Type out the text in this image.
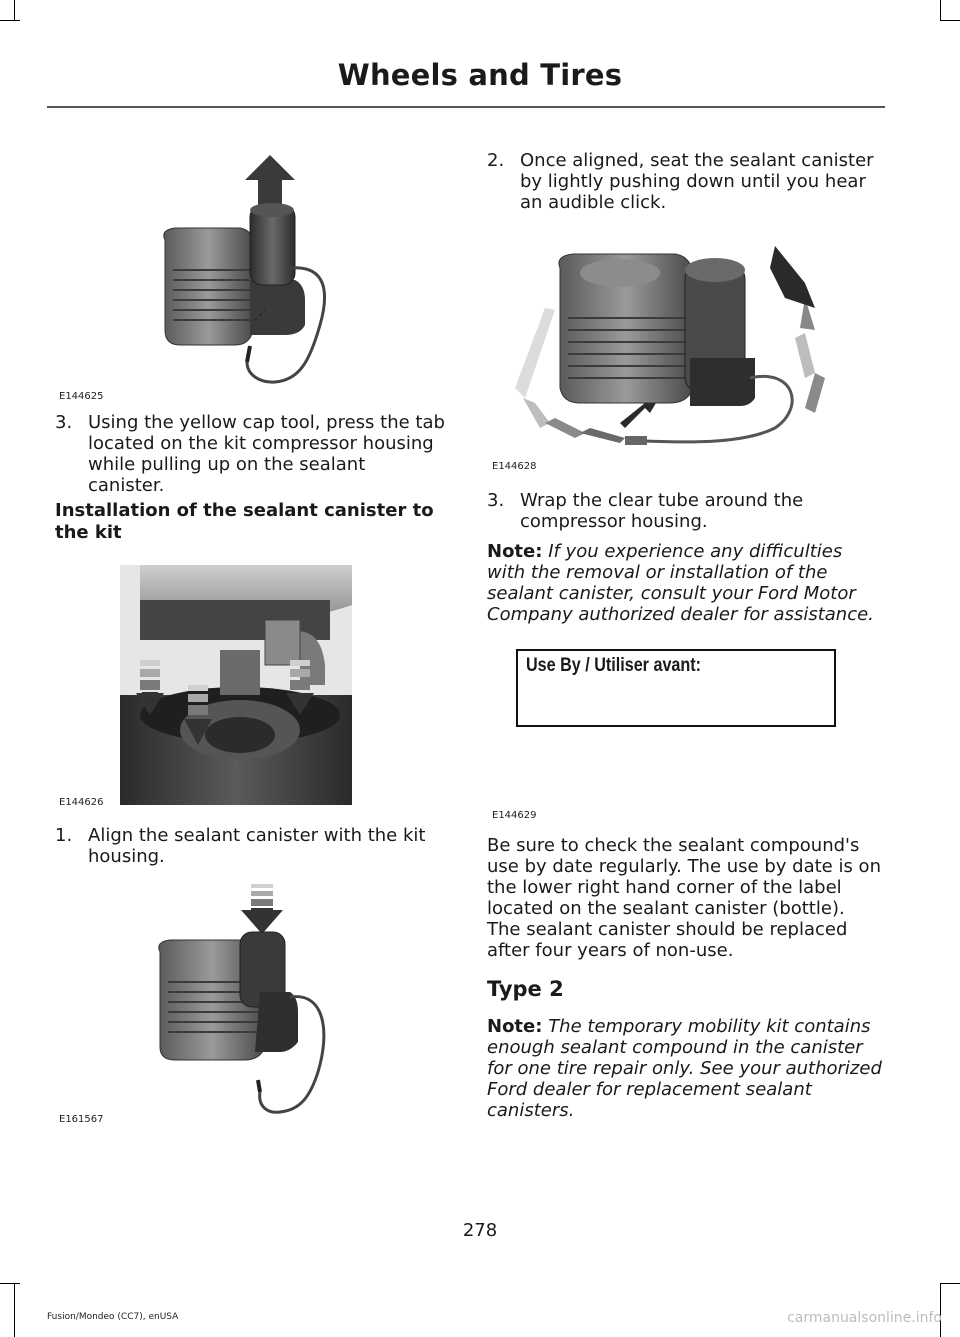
Wheels and Tires
E144625
3. Using the yellow cap tool, press the tab located on the kit compressor housing while pulling up on the sealant canister.
Installation of the sealant canister to the kit
E144626
1. Align the sealant canister with the kit housing.
E161567
2. Once aligned, seat the sealant canister by lightly pushing down until you hear an audible click.
E144628
3. Wrap the clear tube around the compressor housing.
Note: If you experience any difficulties with the removal or installation of the sealant canister, consult your Ford Motor Company authorized dealer for assistance.
Use By / Utiliser avant:
E144629
Be sure to check the sealant compound's use by date regularly. The use by date is on the lower right hand corner of the label located on the sealant canister (bottle). The sealant canister should be replaced after four years of non-use.
Type 2
Note: The temporary mobility kit contains enough sealant compound in the canister for one tire repair only. See your authorized Ford dealer for replacement sealant canisters.
278
Fusion/Mondeo (CC7), enUSA	carmanualsonline.info
